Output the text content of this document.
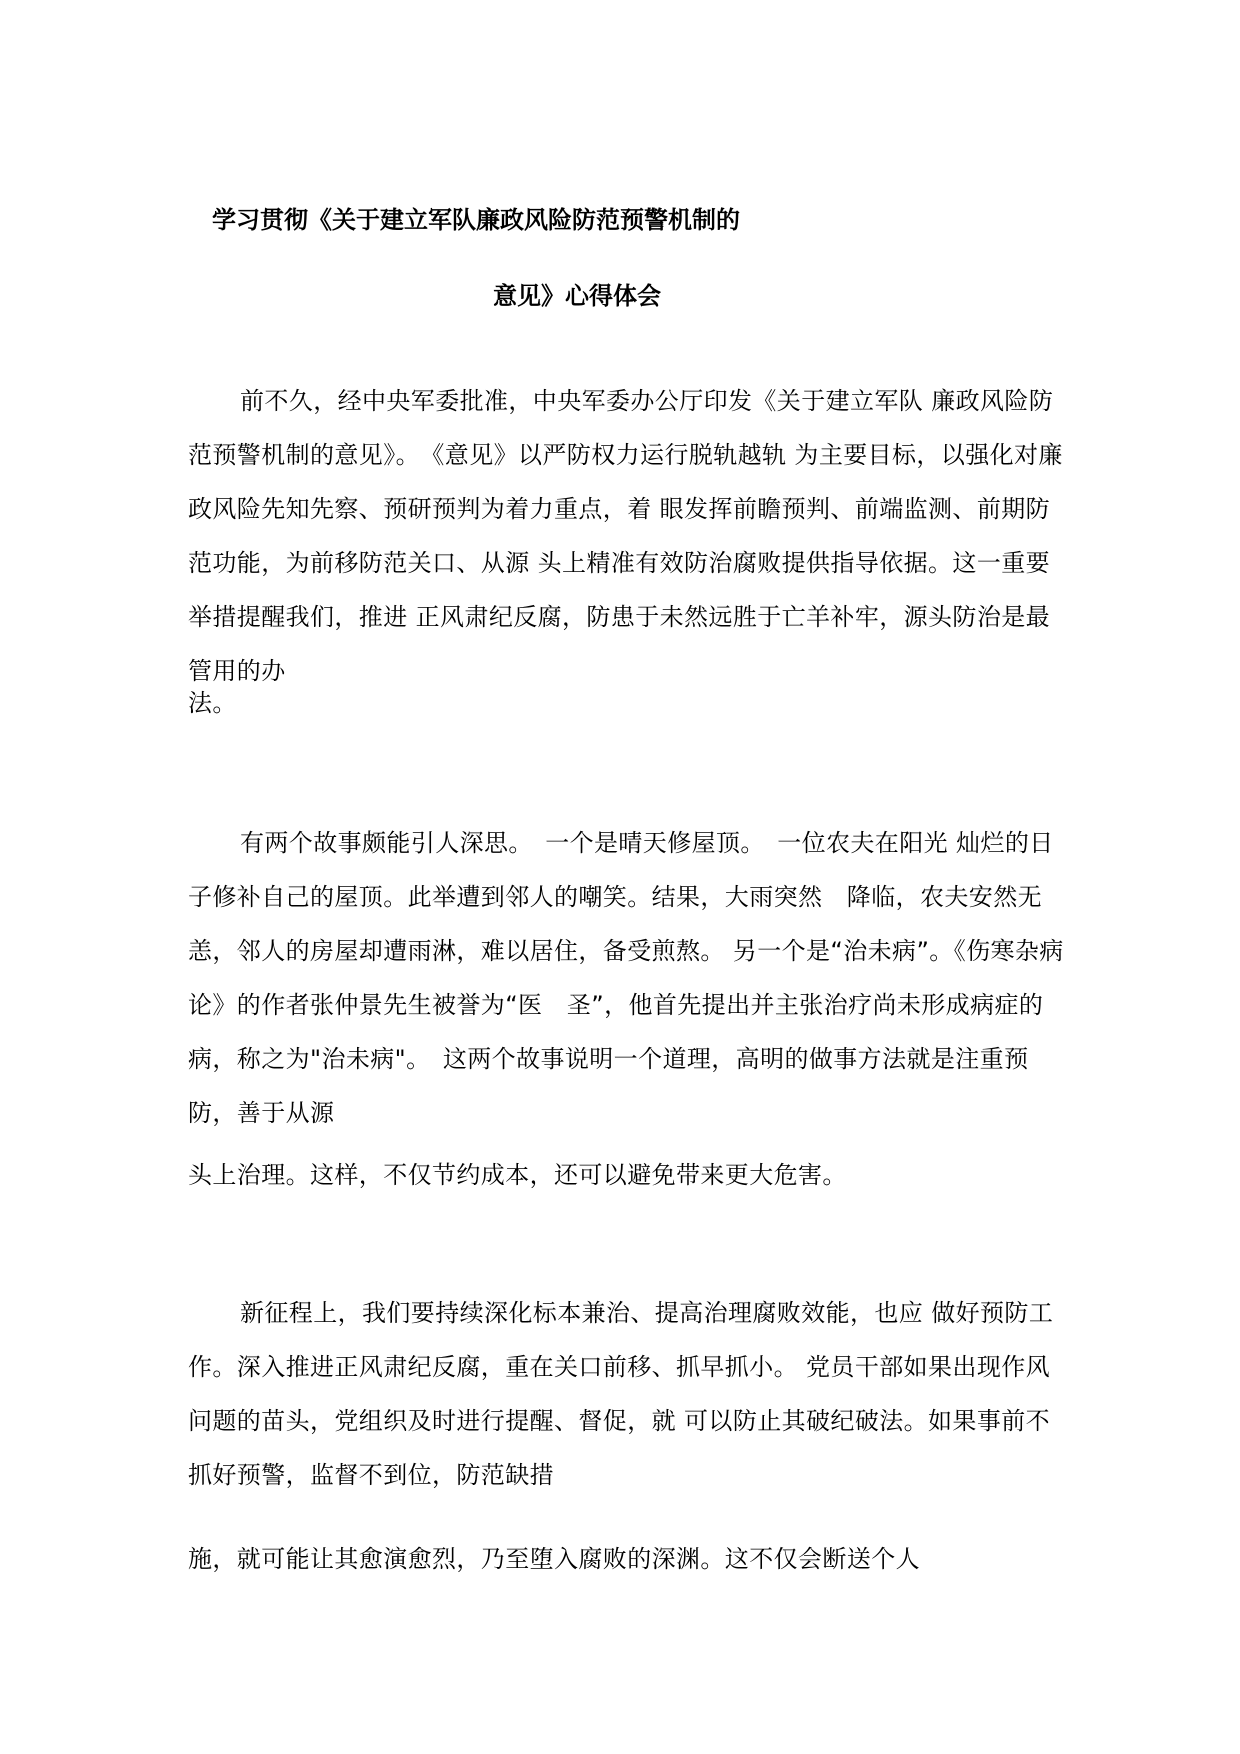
学习贯彻《关于建立军队廉政风险防范预警机制的
意见》心得体会
前不久，经中央军委批准，中央军委办公厅印发《关于建立军队 廉政风险防范预警机制的意见》。　《意见》以严防权力运行脱轨越轨 为主要目标，以强化对廉政风险先知先察、预研预判为着力重点，着 眼发挥前瞻预判、前端监测、前期防范功能，为前移防范关口、从源 头上精准有效防治腐败提供指导依据。这一重要举措提醒我们，推进 正风肃纪反腐，防患于未然远胜于亡羊补牢，源头防治是最管用的办
法。
有两个故事颇能引人深思。　一个是晴天修屋顶。　一位农夫在阳光 灿烂的日子修补自己的屋顶。此举遭到邻人的嘲笑。结果，大雨突然　降临，农夫安然无恙，邻人的房屋却遭雨淋，难以居住，备受煎熬。 另一个是“治未病”。《伤寒杂病论》的作者张仲景先生被誉为“医　圣”，他首先提出并主张治疗尚未形成病症的病，称之为"治未病"。　这两个故事说明一个道理，高明的做事方法就是注重预防，善于从源
头上治理。这样，不仅节约成本，还可以避免带来更大危害。
新征程上，我们要持续深化标本兼治、提高治理腐败效能，也应 做好预防工作。深入推进正风肃纪反腐，重在关口前移、抓早抓小。 党员干部如果出现作风问题的苗头，党组织及时进行提醒、督促，就 可以防止其破纪破法。如果事前不抓好预警，监督不到位，防范缺措
施，就可能让其愈演愈烈，乃至堕入腐败的深渊。这不仅会断送个人
